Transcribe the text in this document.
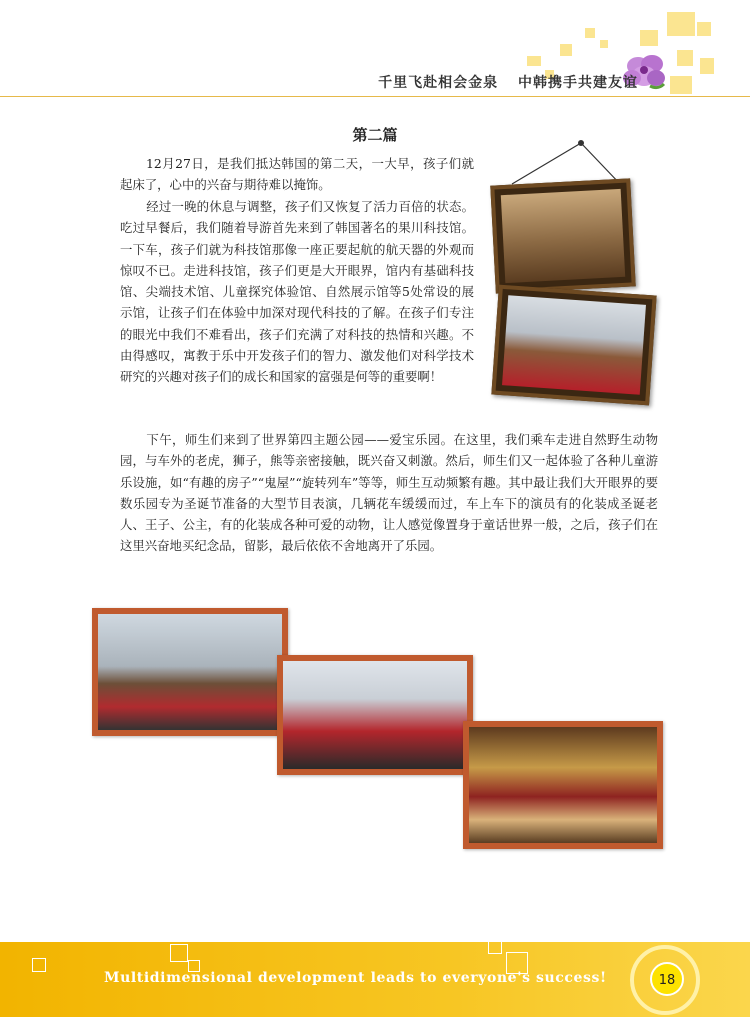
千里飞赴相会金泉 中韩携手共建友谊
第二篇

12月27日，是我们抵达韩国的第二天，一大早，孩子们就起床了，心中的兴奋与期待难以掩饰。

经过一晚的休息与调整，孩子们又恢复了活力百倍的状态。吃过早餐后，我们随着导游首先来到了韩国著名的果川科技馆。一下车，孩子们就为科技馆那像一座正要起航的航天器的外观而惊叹不已。走进科技馆，孩子们更是大开眼界，馆内有基础科技馆、尖端技术馆、儿童探究体验馆、自然展示馆等5处常设的展示馆，让孩子们在体验中加深对现代科技的了解。在孩子们专注的眼光中我们不难看出，孩子们充满了对科技的热情和兴趣。不由得感叹，寓教于乐中开发孩子们的智力、激发他们对科学技术研究的兴趣对孩子们的成长和国家的富强是何等的重要啊！

下午，师生们来到了世界第四主题公园——爱宝乐园。在这里，我们乘车走进自然野生动物园，与车外的老虎，狮子，熊等亲密接触，既兴奋又刺激。然后，师生们又一起体验了各种儿童游乐设施，如“有趣的房子”“鬼屋”“旋转列车”等等，师生互动频繁有趣。其中最让我们大开眼界的要数乐园专为圣诞节准备的大型节目表演，几辆花车缓缓而过，车上车下的演员有的化装成圣诞老人、王子、公主，有的化装成各种可爱的动物，让人感觉像置身于童话世界一般，之后，孩子们在这里兴奋地买纪念品，留影，最后依依不舍地离开了乐园。

Multidimensional development leads to everyone's success!	18
